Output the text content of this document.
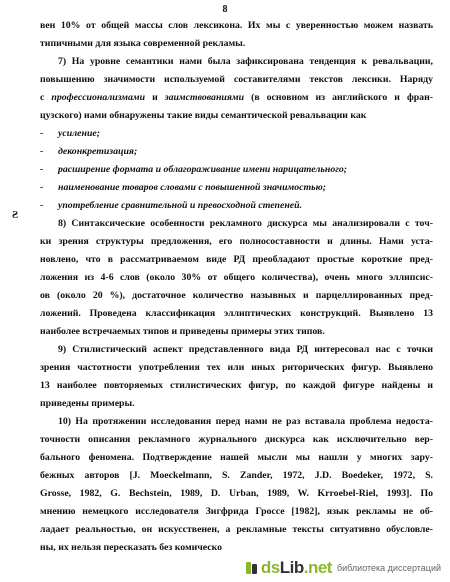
8
Ƨ
вен 10% от общей массы слов лексикона. Их мы с уверенностью можем назвать
типичными для языка современной рекламы.
7) На уровне семантики нами была зафиксирована тенденция к ревальвации,
повышению значимости используемой составителями текстов лексики. Наряду
с профессионализмами и заимствованиями (в основном из английского и фран-
цузского) нами обнаружены такие виды семантической ревальвации как
- усиление;
- деконкретизация;
- расширение формата и облагораживание имени нарицательного;
- наименование товаров словами с повышенной значимостью;
- употребление сравнительной и превосходной степеней.
8) Синтаксические особенности рекламного дискурса мы анализировали с точ-
ки зрения структуры предложения, его полносоставности и длины. Нами уста-
новлено, что в рассматриваемом виде РД преобладают простые короткие пред-
ложения из 4-6 слов (около 30% от общего количества), очень много эллипсис-
ов (около 20 %), достаточное количество назывных и парцеллированных пред-
ложений. Проведена классификация эллиптических конструкций. Выявлено 13
наиболее встречаемых типов и приведены примеры этих типов.
9) Стилистический аспект представленного вида РД интересовал нас с точки
зрения частотности употребления тех или иных риторических фигур. Выявлено
13 наиболее повторяемых стилистических фигур, по каждой фигуре найдены и
приведены примеры.
10) На протяжении исследования перед нами не раз вставала проблема недоста-
точности описания рекламного журнального дискурса как исключительно вер-
бального феномена. Подтверждение нашей мысли мы нашли у многих зару-
бежных авторов [J. Moeckelmann, S. Zander, 1972, J.D. Boedeker, 1972, S.
Grosse, 1982, G. Bechstein, 1989, D. Urban, 1989, W. Krroebel-Riel, 1993]. По
мнению немецкого исследователя Зигфрида Гроссе [1982], язык рекламы не об-
ладает реальностью, он искусственен, а рекламные тексты ситуативно обусловле-
ны, их нельзя пересказать без комическо
ds Lib .net библиотека диссертаций
